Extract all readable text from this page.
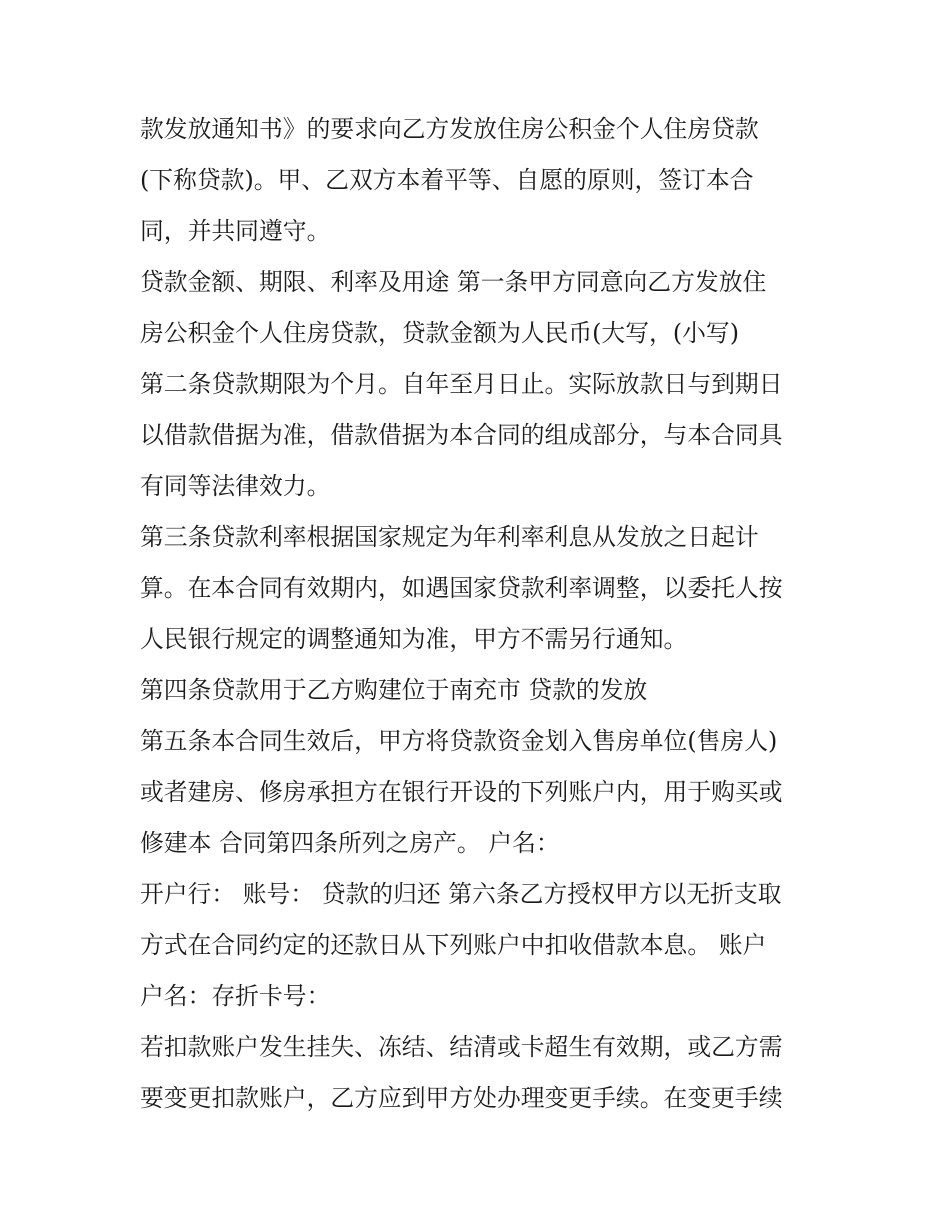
款发放通知书》的要求向乙方发放住房公积金个人住房贷款
(下称贷款)。甲、乙双方本着平等、自愿的原则，签订本合
同，并共同遵守。
贷款金额、期限、利率及用途 第一条甲方同意向乙方发放住
房公积金个人住房贷款，贷款金额为人民币(大写，(小写)
第二条贷款期限为个月。自年至月日止。实际放款日与到期日
以借款借据为准，借款借据为本合同的组成部分，与本合同具
有同等法律效力。
第三条贷款利率根据国家规定为年利率利息从发放之日起计
算。在本合同有效期内，如遇国家贷款利率调整，以委托人按
人民银行规定的调整通知为准，甲方不需另行通知。
第四条贷款用于乙方购建位于南充市 贷款的发放
第五条本合同生效后，甲方将贷款资金划入售房单位(售房人)
或者建房、修房承担方在银行开设的下列账户内，用于购买或
修建本 合同第四条所列之房产。 户名：
开户行： 账号： 贷款的归还 第六条乙方授权甲方以无折支取
方式在合同约定的还款日从下列账户中扣收借款本息。 账户
户名：存折卡号：
若扣款账户发生挂失、冻结、结清或卡超生有效期，或乙方需
要变更扣款账户，乙方应到甲方处办理变更手续。在变更手续
